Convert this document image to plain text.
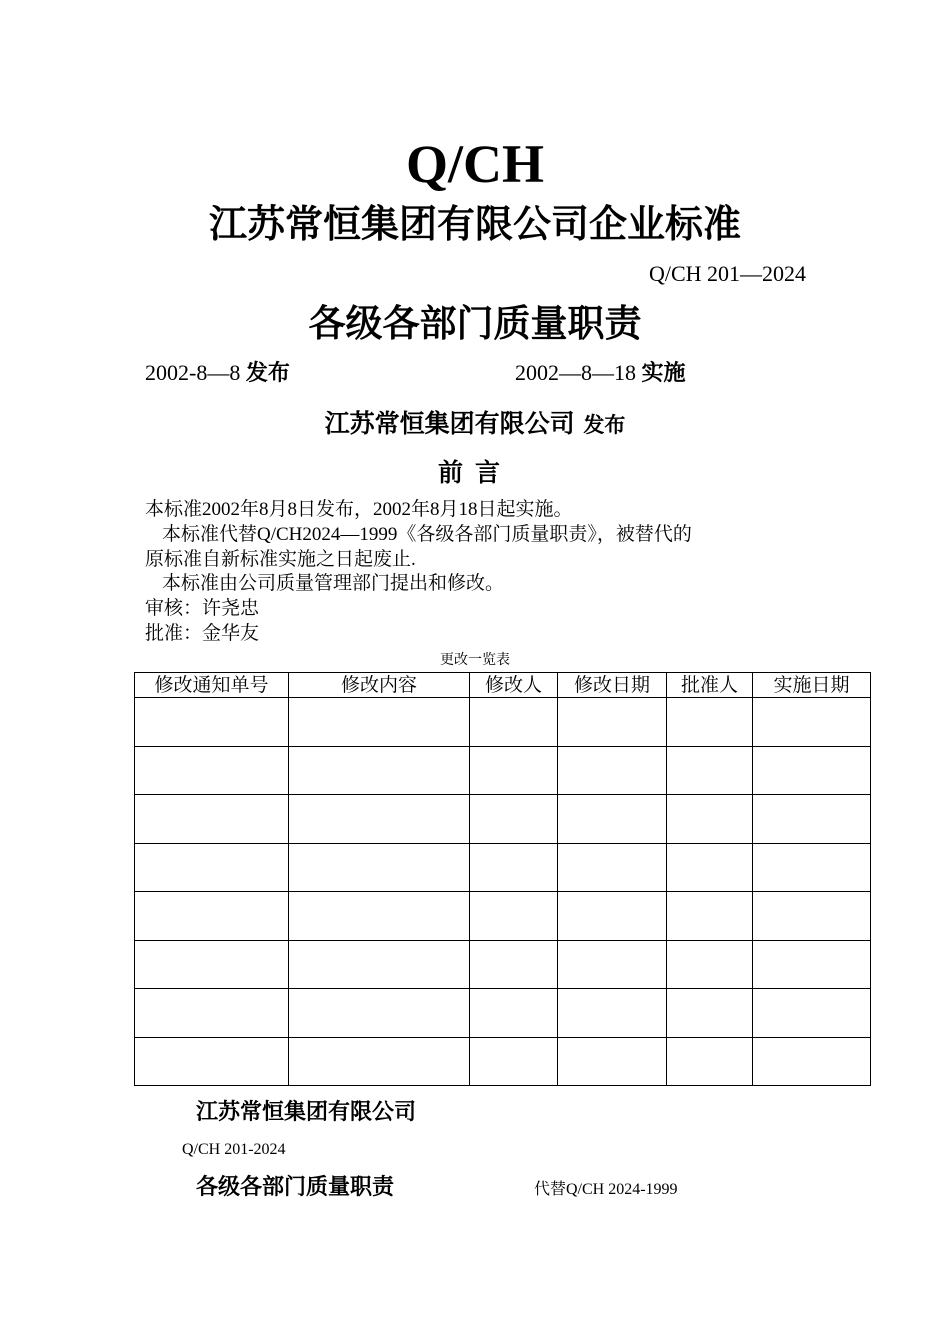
Q/CH
江苏常恒集团有限公司企业标准
Q/CH 201—2024
各级各部门质量职责
2002-8—8 发布	2002—8—18 实施
江苏常恒集团有限公司 发布
前言
本标准2002年8月8日发布，2002年8月18日起实施。
本标准代替Q/CH2024—1999《各级各部门质量职责》，被替代的
原标准自新标准实施之日起废止.
本标准由公司质量管理部门提出和修改。
审核：许尧忠
批准：金华友
更改一览表
修改通知单号	修改内容	修改人	修改日期	批准人	实施日期

江苏常恒集团有限公司
Q/CH 201-2024
各级各部门质量职责	代替Q/CH 2024-1999
